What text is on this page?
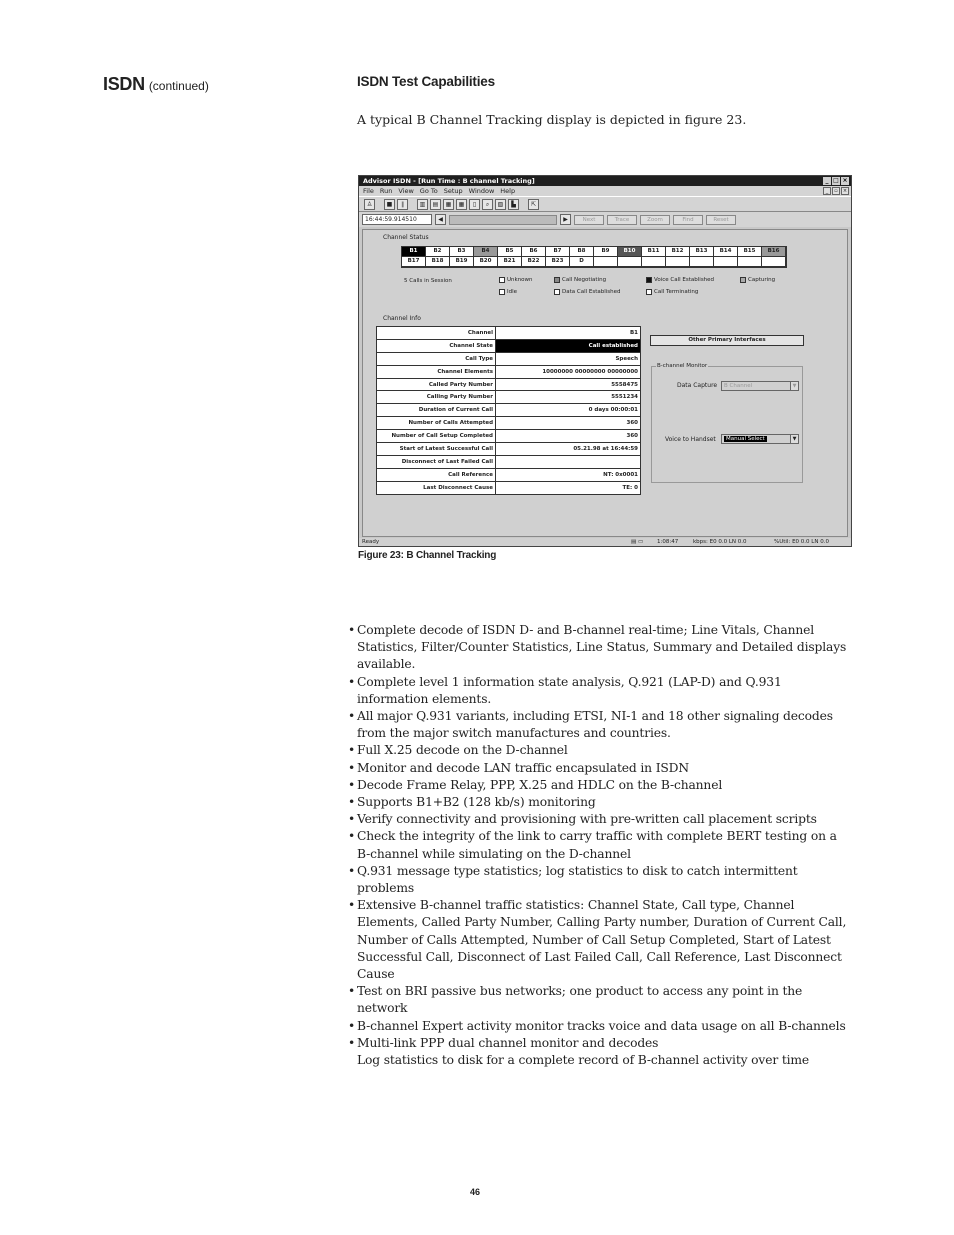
ISDN (continued)	ISDN Test Capabilities
A typical B Channel Tracking display is depicted in figure 23.
Advisor ISDN - [Run Time : B channel Tracking]	_ □ ×
File Run View Go To Setup Window Help	_	▫	×
♙	■	∥	▥	▤	▦	▦	▯	⌕	▧	▙	⇱
16:44:59.914510	◀	▶	Next	Trace	Zoom	Find	Reset
Channel Status
B1	B2	B3	B4	B5	B6	B7	B8	B9	B10	B11	B12	B13	B14	B15	B16
B17	B18	B19	B20	B21	B22	B23	D
5 Calls in Session	Unknown	Call Negotiating	Voice Call Established	Capturing
Idle	Data Call Established	Call Terminating
Channel Info
Channel	B1
Channel State	Call established
Call Type	Speech
Channel Elements	10000000 00000000 00000000
Called Party Number	5558475
Calling Party Number	5551234
Duration of Current Call	0 days 00:00:01
Number of Calls Attempted	360
Number of Call Setup Completed	360
Start of Latest Successful Call	05.21.98 at 16:44:59
Disconnect of Last Failed Call	
Call Reference	NT: 0x0001
Last Disconnect Cause	TE: 0
Other Primary Interfaces
B-channel Monitor
Data Capture	B Channel	▼
Voice to Handset	Manual Select	▼
Ready	▤ ▭	1:08:47	kbps: E0 0.0 LN 0.0	%Util: E0 0.0 LN 0.0
Figure 23: B Channel Tracking
• Complete decode of ISDN D- and B-channel real-time; Line Vitals, Channel Statistics, Filter/Counter Statistics, Line Status, Summary and Detailed displays available.
• Complete level 1 information state analysis, Q.921 (LAP-D) and Q.931 information elements.
• All major Q.931 variants, including ETSI, NI-1 and 18 other signaling decodes from the major switch manufactures and countries.
• Full X.25 decode on the D-channel
• Monitor and decode LAN traffic encapsulated in ISDN
• Decode Frame Relay, PPP, X.25 and HDLC on the B-channel
• Supports B1+B2 (128 kb/s) monitoring
• Verify connectivity and provisioning with pre-written call placement scripts
• Check the integrity of the link to carry traffic with complete BERT testing on a B-channel while simulating on the D-channel
• Q.931 message type statistics; log statistics to disk to catch intermittent problems
• Extensive B-channel traffic statistics: Channel State, Call type, Channel Elements, Called Party Number, Calling Party number, Duration of Current Call, Number of Calls Attempted, Number of Call Setup Completed, Start of Latest Successful Call, Disconnect of Last Failed Call, Call Reference, Last Disconnect Cause
• Test on BRI passive bus networks; one product to access any point in the network
• B-channel Expert activity monitor tracks voice and data usage on all B-channels
• Multi-link PPP dual channel monitor and decodes
Log statistics to disk for a complete record of B-channel activity over time
46
